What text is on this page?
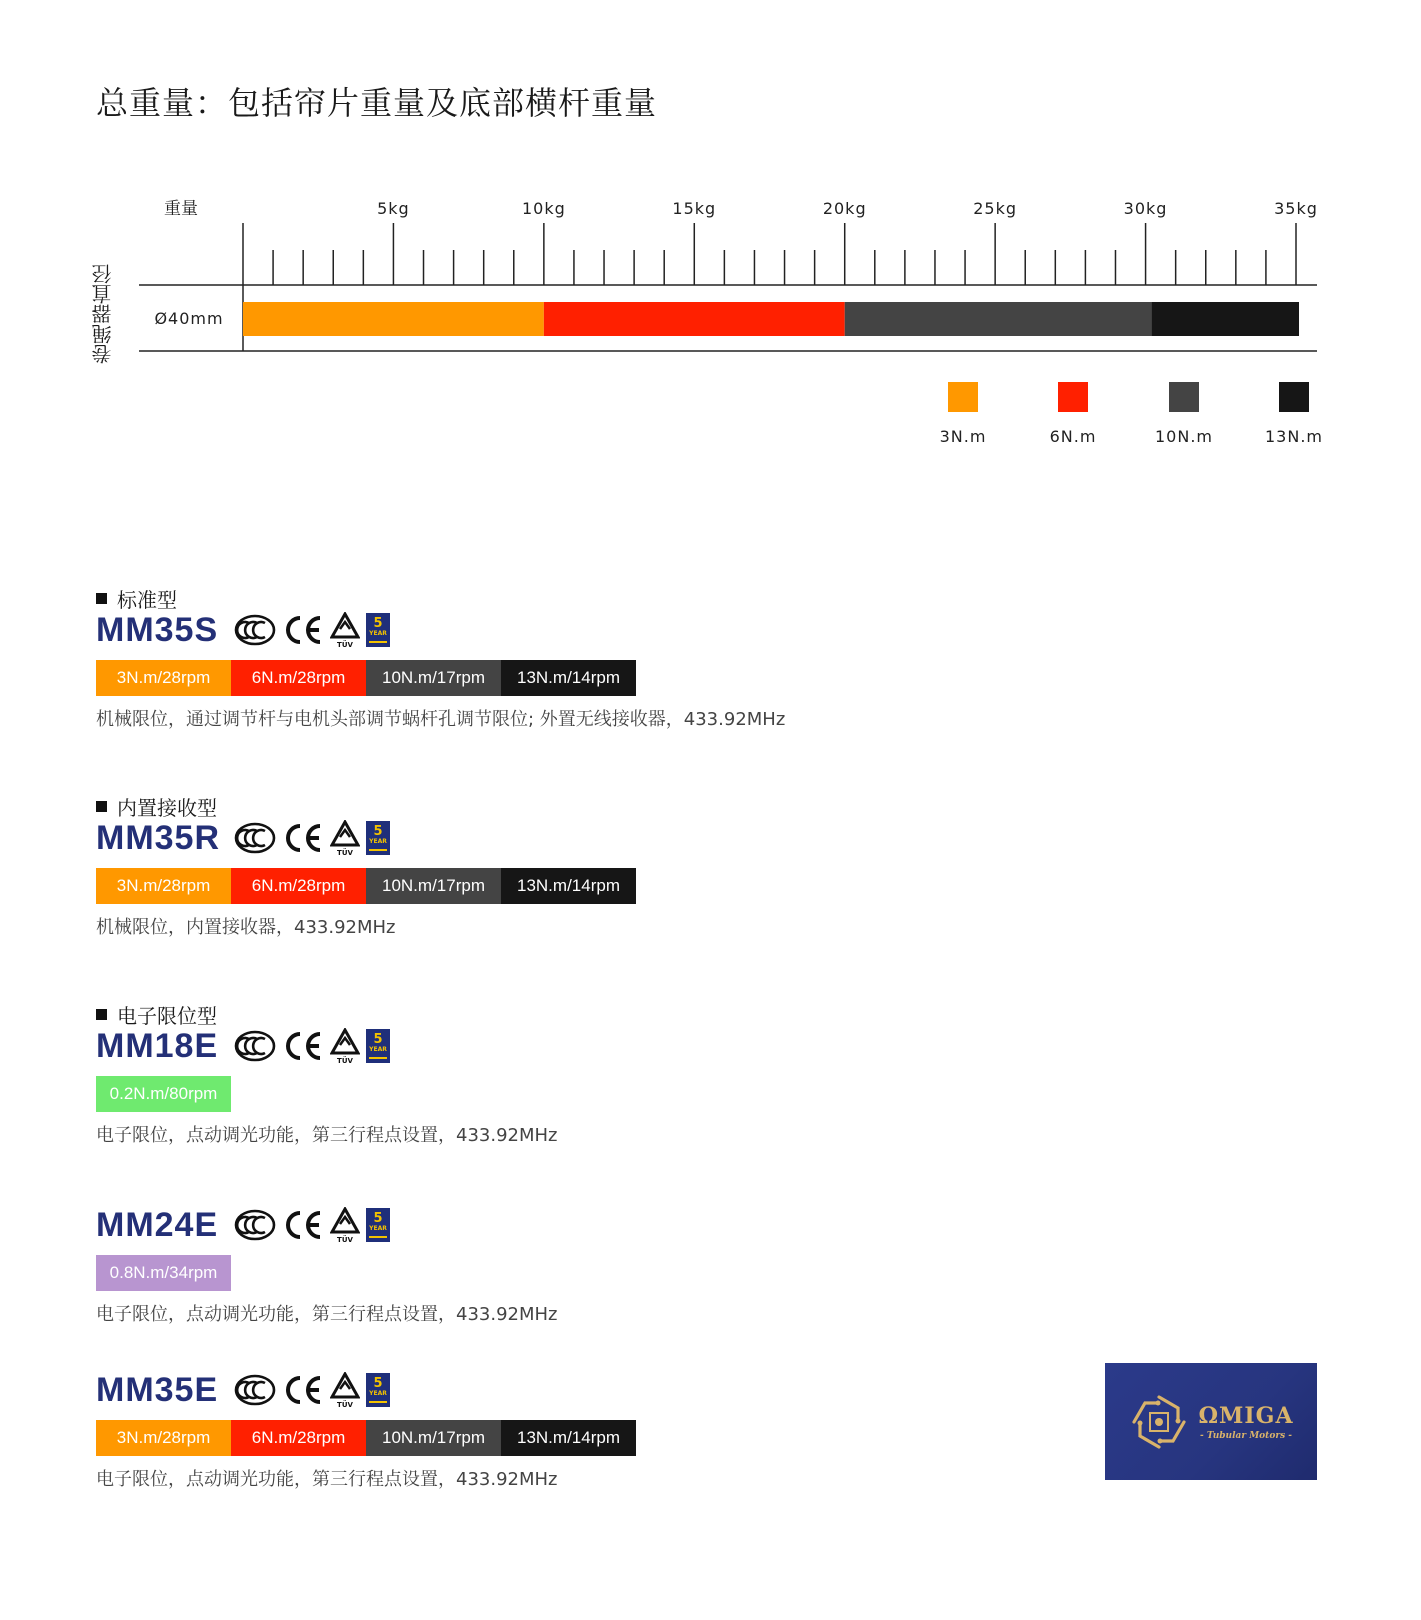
总重量：包括帘片重量及底部横杆重量
卷绳器直径
5kg	10kg	15kg	20kg	25kg	30kg	35kg
重量
Ø40mm
3N.m	6N.m	10N.m	13N.m
标准型
MM35S	TÜV
5
YEAR
3N.m/28rpm	6N.m/28rpm	10N.m/17rpm	13N.m/14rpm
机械限位，通过调节杆与电机头部调节蜗杆孔调节限位; 外置无线接收器，433.92MHz
内置接收型
MM35R	TÜV
5
YEAR
3N.m/28rpm	6N.m/28rpm	10N.m/17rpm	13N.m/14rpm
机械限位，内置接收器，433.92MHz
电子限位型
MM18E	TÜV
5
YEAR
0.2N.m/80rpm
电子限位，点动调光功能，第三行程点设置，433.92MHz
MM24E	TÜV
5
YEAR
0.8N.m/34rpm
电子限位，点动调光功能，第三行程点设置，433.92MHz
MM35E	TÜV
5
YEAR
3N.m/28rpm	6N.m/28rpm	10N.m/17rpm	13N.m/14rpm
电子限位，点动调光功能，第三行程点设置，433.92MHz
ΩMIGA
- Tubular Motors -
